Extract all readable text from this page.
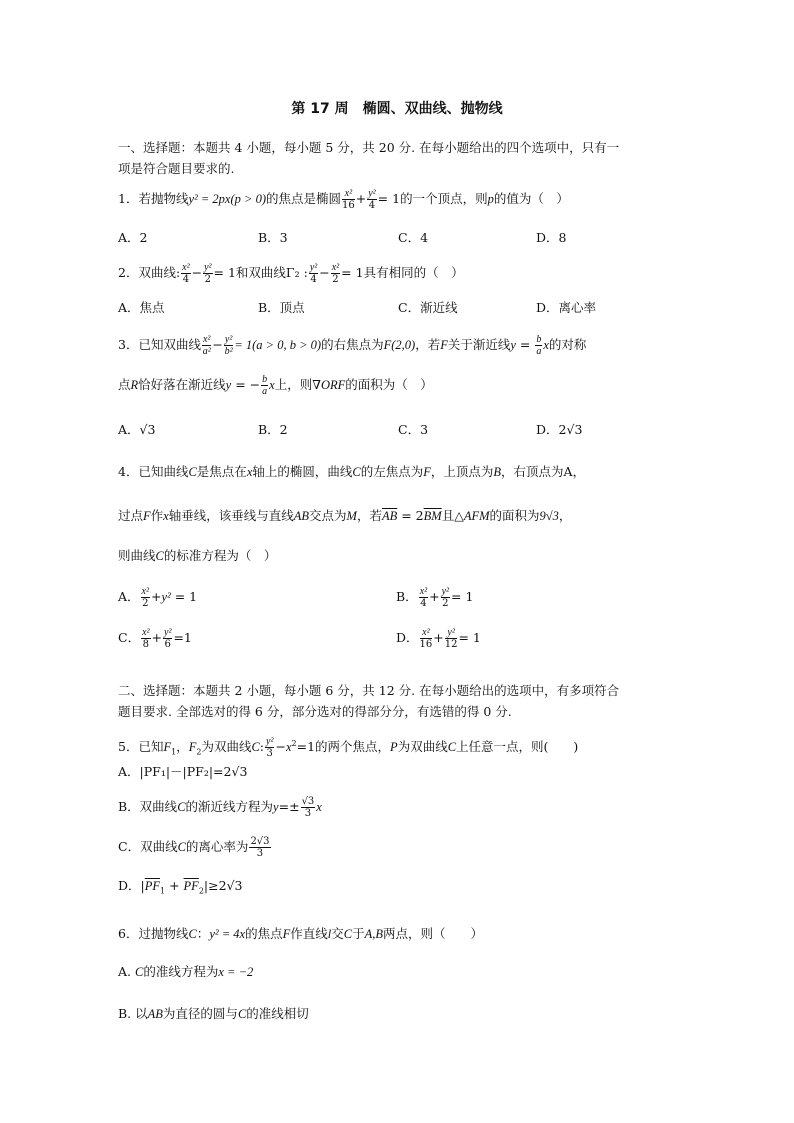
第 17 周　椭圆、双曲线、抛物线
一、选择题：本题共 4 小题，每小题 5 分，共 20 分. 在每小题给出的四个选项中，只有一
项是符合题目要求的.
1．若抛物线y² = 2px(p > 0)的焦点是椭圆 $\frac{\text{x²}}{16} + \frac{\text{y²}}{4} = 1$的一个顶点，则p的值为（　）
A．2	B．3	C．4	D．8
2．双曲线: $\frac{\text{x²}}{4} - \frac{\text{y²}}{2} = 1$和双曲线Γ₂ : $\frac{\text{y²}}{4} - \frac{\text{x²}}{2} = 1$具有相同的（　）
A．焦点	B．顶点	C．渐近线	D．离心率
3．已知双曲线 $\frac{\text{x²}}{\text{a²}} - \frac{\text{y²}}{\text{b²}} = 1(a > 0$, b > 0)的右焦点为F(2,0)，若F关于渐近线$y = \frac{b}{a}$ x的对称
点R恰好落在渐近线y = − $\frac{b}{a}$ x上，则∇ORF的面积为（　）
A．√3	B．2	C．3	D．2√3
4．已知曲线C是焦点在x轴上的椭圆，曲线C的左焦点为F，上顶点为B，右顶点为A，
过点F作x轴垂线，该垂线与直线AB交点为M，若$\overline{AB} = 2\overline{BM}$且△AFM的面积为9√3，
则曲线C的标准方程为（　）
A． $\frac{\text{x²}}{2} +y^2 = 1$	B． $\frac{\text{x²}}{4} + \frac{\text{y²}}{2} = 1$
C． $\frac{\text{x²}}{8} + \frac{\text{y²}}{6} =1$	D． $\frac{\text{x²}}{16} + \frac{\text{y²}}{12} = 1$
二、选择题：本题共 2 小题，每小题 6 分，共 12 分. 在每小题给出的选项中，有多项符合
题目要求. 全部选对的得 6 分，部分选对的得部分分，有选错的得 0 分.
5．已知$F_1$，$F_2$为双曲线C: $\frac{\text{y²}}{3} -x^2=1$的两个焦点，P为双曲线C上任意一点，则(　　)
A．|PF₁|－|PF₂|=2√3
B．双曲线C的渐近线方程为$y=\pm \frac{√3}{3}$ x
C．双曲线C的离心率为 $\frac{2√3}{3}$
D．$|\overline{PF}_1 + \overline{PF}_2|\ge 2√3$
6．过抛物线C：y² = 4x的焦点F作直线l交C于A,B两点，则（　　）
A. C的准线方程为x = −2
B. 以AB为直径的圆与C的准线相切
